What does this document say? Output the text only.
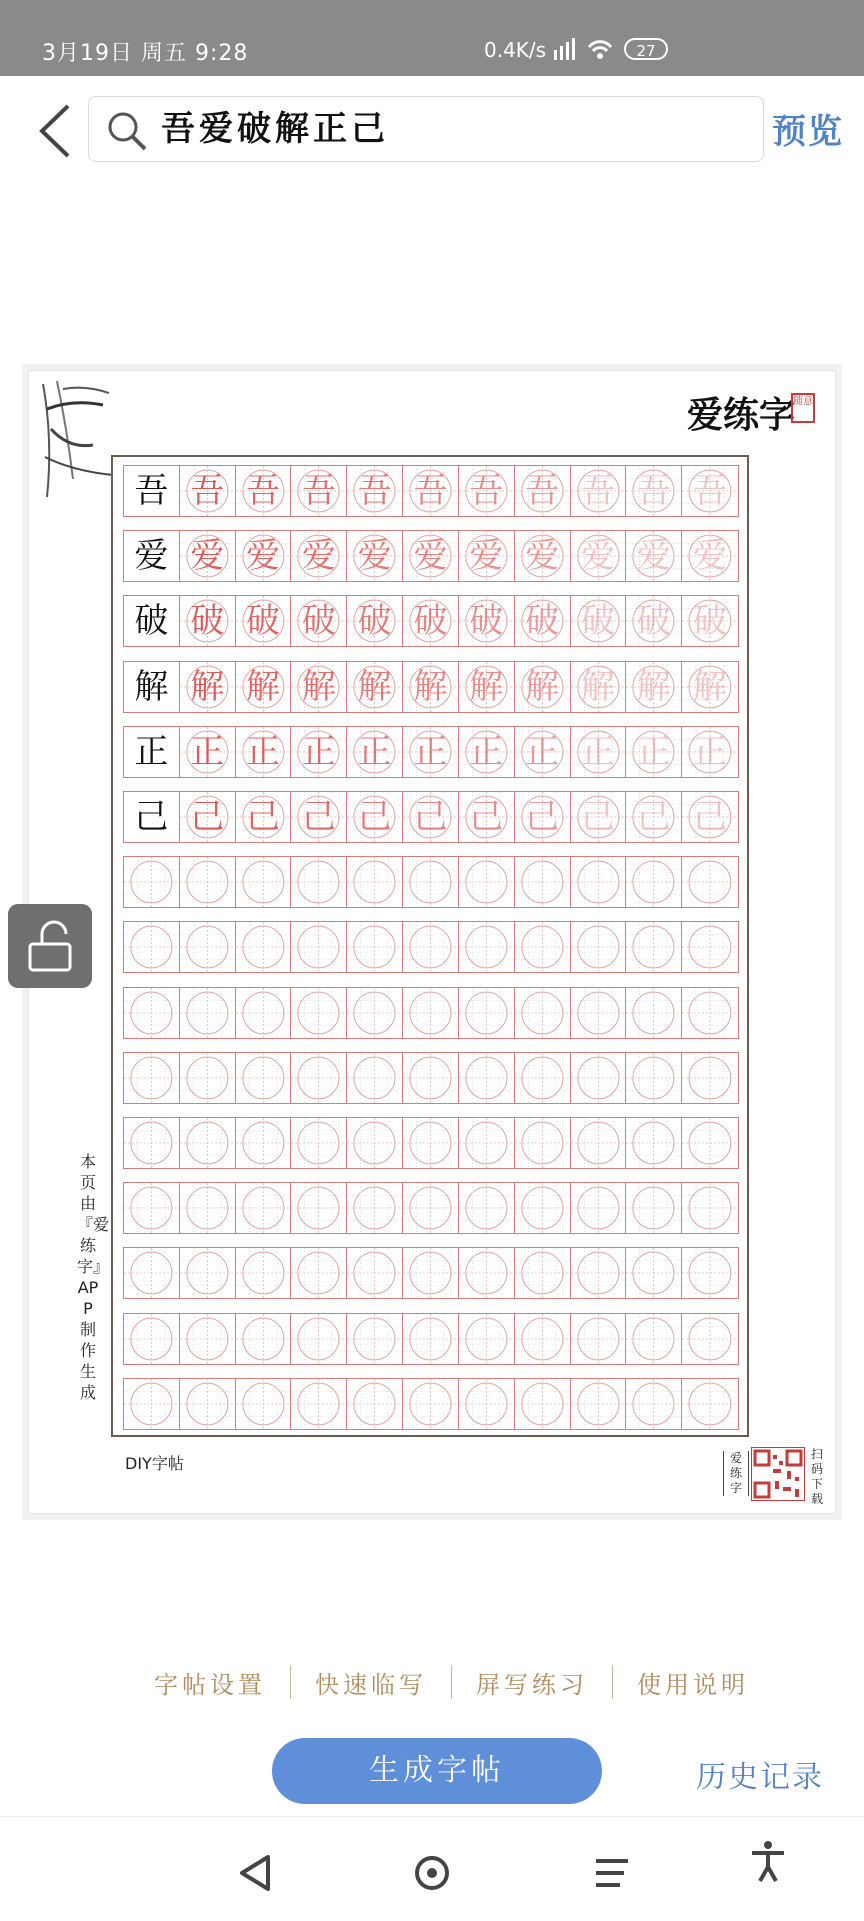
3月19日 周五 9:28	0.4K/s	27
吾爱破解正己	预览
爱练字
随意
吾 吾 吾 吾 吾 吾 吾 吾 吾 吾 吾
爱 爱 爱 爱 爱 爱 爱 爱 爱 爱 爱
破 破 破 破 破 破 破 破 破 破 破
解 解 解 解 解 解 解 解 解 解 解
正 正 正 正 正 正 正 正 正 正 正
己 己 己 己 己 己 己 己 己 己 己
本页由『爱练字』APP制作生成
DIY字帖	爱练字
扫码下载
字帖设置	快速临写	屏写练习	使用说明
生成字帖	历史记录
